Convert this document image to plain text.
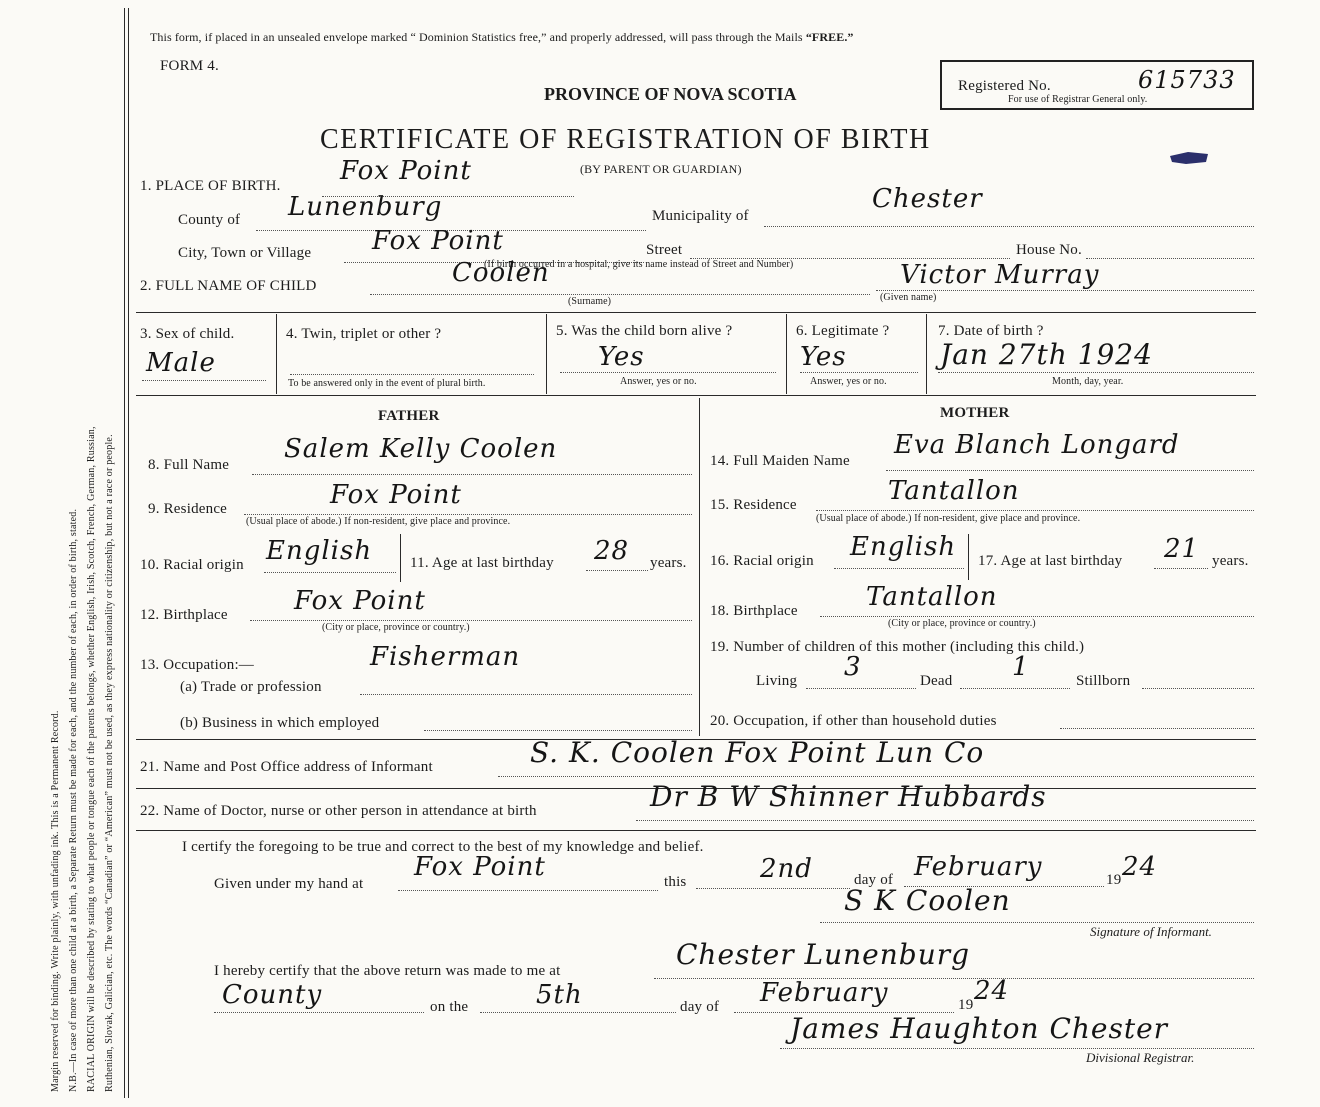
Margin reserved for binding. Write plainly, with unfading ink. This is a Permanent Record. N.B.—In case of more than one child at a birth, a Separate Return must be made for each, and the number of each, in order of birth, stated. RACIAL ORIGIN will be described by stating to what people or tongue each of the parents belongs, whether English, Irish, Scotch, French, German, Russian, Ruthenian, Slovak, Galician, etc. The words “Canadian” or “American” must not be used, as they express nationality or citizenship, but not a race or people.
This form, if placed in an unsealed envelope marked “ Dominion Statistics free,” and properly addressed, will pass through the Mails “FREE.”
FORM 4.
PROVINCE OF NOVA SCOTIA
CERTIFICATE OF REGISTRATION OF BIRTH
(BY PARENT OR GUARDIAN)
Registered No.
For use of Registrar General only.
615733
1. PLACE OF BIRTH. Fox Point
County of Lunenburg	Municipality of
Chester
City, Town or Village Fox Point	Street	House No.
(If birth occurred in a hospital, give its name instead of Street and Number)
2. FULL NAME OF CHILD	Coolen
(Surname)
Victor Murray
(Given name)
3. Sex of child.
Male
4. Twin, triplet or other ?
To be answered only in the event of plural birth.
5. Was the child born alive ?
Yes
Answer, yes or no.
6. Legitimate ?
Yes
Answer, yes or no.
7. Date of birth ?
Jan 27th 1924
Month, day, year.
FATHER	MOTHER
8. Full Name
Salem Kelly Coolen
9. Residence	Fox Point
(Usual place of abode.) If non-resident, give place and province.
10. Racial origin English	11. Age at last birthday 28 years.
12. Birthplace	Fox Point
(City or place, province or country.)
13. Occupation:—
(a) Trade or profession
Fisherman
(b) Business in which employed
14. Full Maiden Name
Eva Blanch Longard
15. Residence	Tantallon
(Usual place of abode.) If non-resident, give place and province.
16. Racial origin English 17. Age at last birthday 21 years.
18. Birthplace	Tantallon
(City or place, province or country.)
19. Number of children of this mother (including this child.)
Living 3	Dead 1	Stillborn
20. Occupation, if other than household duties
21. Name and Post Office address of Informant	S. K. Coolen Fox Point Lun Co
22. Name of Doctor, nurse or other person in attendance at birth	Dr B W Shinner Hubbards
I certify the foregoing to be true and correct to the best of my knowledge and belief.
Given under my hand at
Fox Point	this	2nd	day of February	19 24
S K Coolen
Signature of Informant.
I hereby certify that the above return was made to me at	Chester Lunenburg
County	on the	5th	day of February	19 24
James Haughton Chester
Divisional Registrar.
